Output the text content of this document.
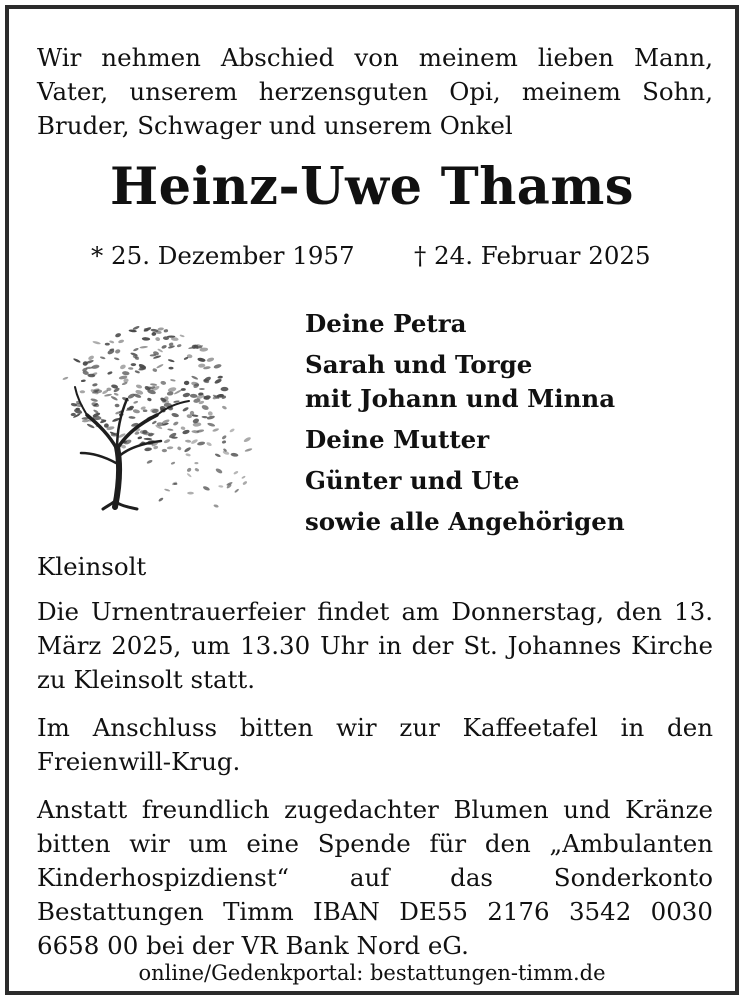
Wir nehmen Abschied von meinem lieben Mann, Vater, unserem herzensguten Opi, meinem Sohn, Bruder, Schwager und unserem Onkel
Heinz-Uwe Thams
* 25. Dezember 1957 † 24. Februar 2025
Deine Petra
Sarah und Torge
mit Johann und Minna
Deine Mutter
Günter und Ute
sowie alle Angehörigen
Kleinsolt
Die Urnentrauerfeier findet am Donnerstag, den 13. März 2025, um 13.30 Uhr in der St. Johannes Kirche zu Kleinsolt statt.
Im Anschluss bitten wir zur Kaffeetafel in den Freienwill-Krug.
Anstatt freundlich zugedachter Blumen und Kränze bitten wir um eine Spende für den „Ambulanten Kinderhospizdienst“ auf das Sonderkonto Bestattungen Timm IBAN DE55 2176 3542 0030 6658 00 bei der VR Bank Nord eG.
online/Gedenkportal: bestattungen-timm.de
